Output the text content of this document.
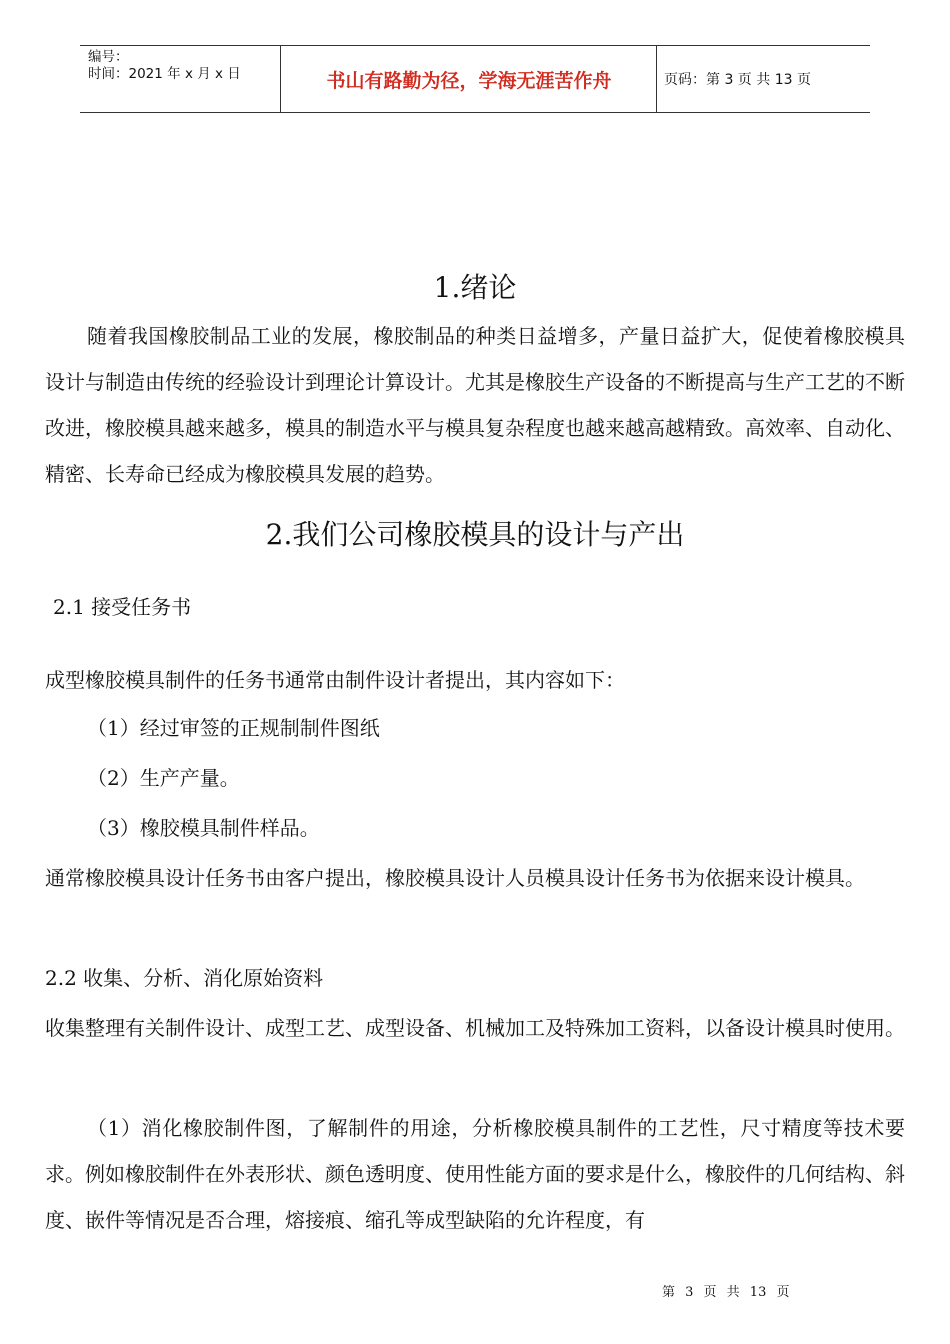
编号：
时间：2021 年 x 月 x 日	书山有路勤为径，学海无涯苦作舟	页码：第 3 页 共 13 页
1.绪论
随着我国橡胶制品工业的发展，橡胶制品的种类日益增多，产量日益扩大，促使着橡胶模具设计与制造由传统的经验设计到理论计算设计。尤其是橡胶生产设备的不断提高与生产工艺的不断改进，橡胶模具越来越多，模具的制造水平与模具复杂程度也越来越高越精致。高效率、自动化、精密、长寿命已经成为橡胶模具发展的趋势。
2.我们公司橡胶模具的设计与产出
2.1 接受任务书
成型橡胶模具制件的任务书通常由制件设计者提出，其内容如下：
（1）经过审签的正规制制件图纸
（2）生产产量。
（3）橡胶模具制件样品。
通常橡胶模具设计任务书由客户提出，橡胶模具设计人员模具设计任务书为依据来设计模具。
2.2 收集、分析、消化原始资料
收集整理有关制件设计、成型工艺、成型设备、机械加工及特殊加工资料，以备设计模具时使用。
（1）消化橡胶制件图，了解制件的用途，分析橡胶模具制件的工艺性，尺寸精度等技术要求。例如橡胶制件在外表形状、颜色透明度、使用性能方面的要求是什么，橡胶件的几何结构、斜度、嵌件等情况是否合理，熔接痕、缩孔等成型缺陷的允许程度，有
第 3 页 共 13 页
